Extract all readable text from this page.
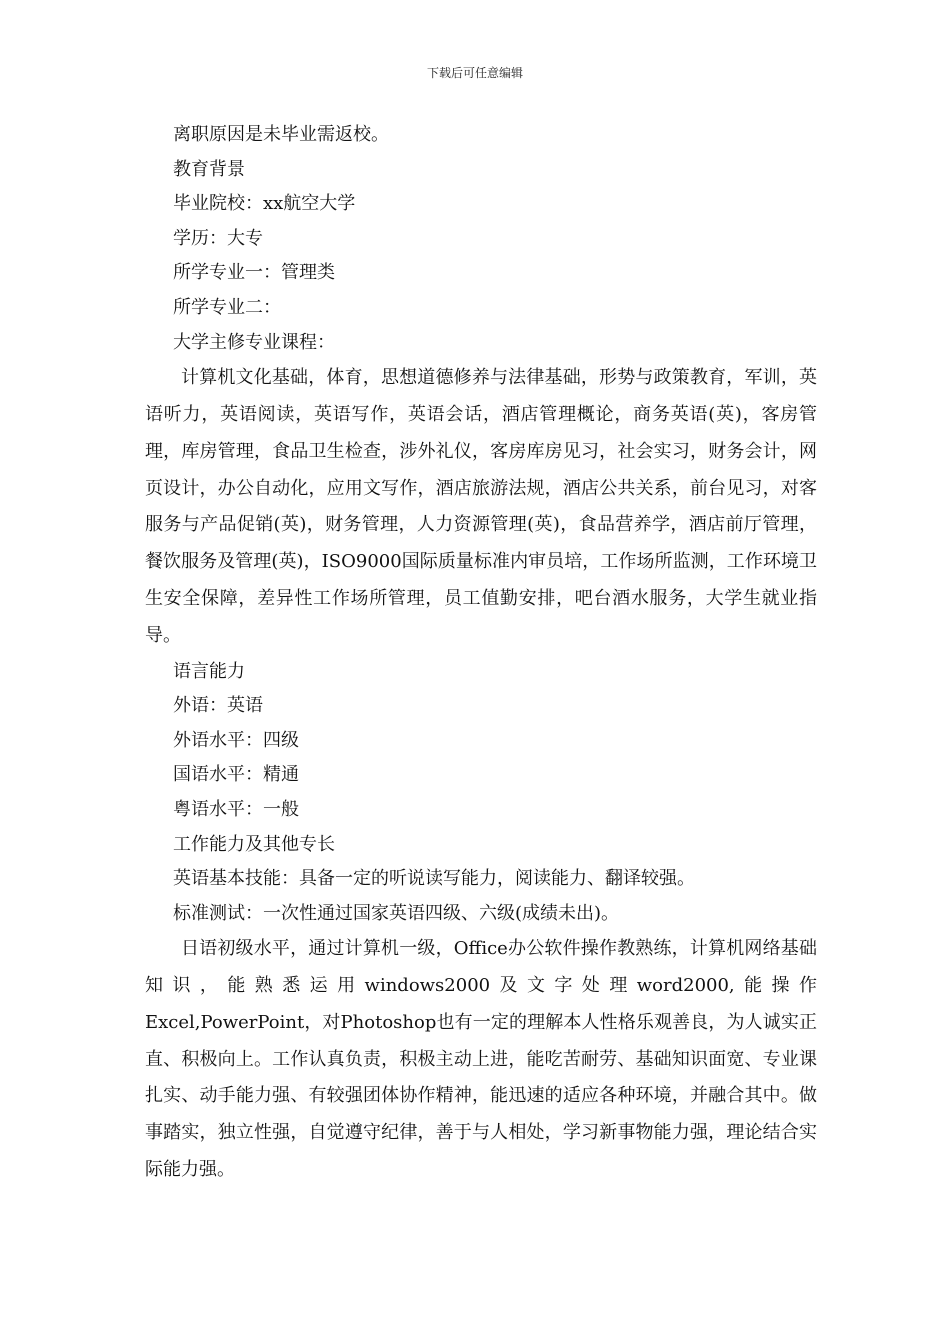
下载后可任意编辑
离职原因是未毕业需返校。
教育背景
毕业院校：xx航空大学
学历：大专
所学专业一：管理类
所学专业二：
大学主修专业课程：

计算机文化基础，体育，思想道德修养与法律基础，形势与政策教育，军训，英语听力，英语阅读，英语写作，英语会话，酒店管理概论，商务英语(英)，客房管理，库房管理，食品卫生检查，涉外礼仪，客房库房见习，社会实习，财务会计，网页设计，办公自动化，应用文写作，酒店旅游法规，酒店公共关系，前台见习，对客服务与产品促销(英)，财务管理，人力资源管理(英)，食品营养学，酒店前厅管理，餐饮服务及管理(英)，ISO9000国际质量标准内审员培，工作场所监测，工作环境卫生安全保障，差异性工作场所管理，员工值勤安排，吧台酒水服务，大学生就业指导。

语言能力
外语：英语
外语水平：四级
国语水平：精通
粤语水平：一般
工作能力及其他专长
英语基本技能：具备一定的听说读写能力，阅读能力、翻译较强。
标准测试：一次性通过国家英语四级、六级(成绩未出)。

日语初级水平，通过计算机一级，Office办公软件操作教熟练，计算机网络基础知识，能熟悉运用windows2000及文字处理word2000,能操作Excel,PowerPoint，对Photoshop也有一定的理解本人性格乐观善良，为人诚实正直、积极向上。工作认真负责，积极主动上进，能吃苦耐劳、基础知识面宽、专业课扎实、动手能力强、有较强团体协作精神，能迅速的适应各种环境，并融合其中。做事踏实，独立性强，自觉遵守纪律，善于与人相处，学习新事物能力强，理论结合实际能力强。
